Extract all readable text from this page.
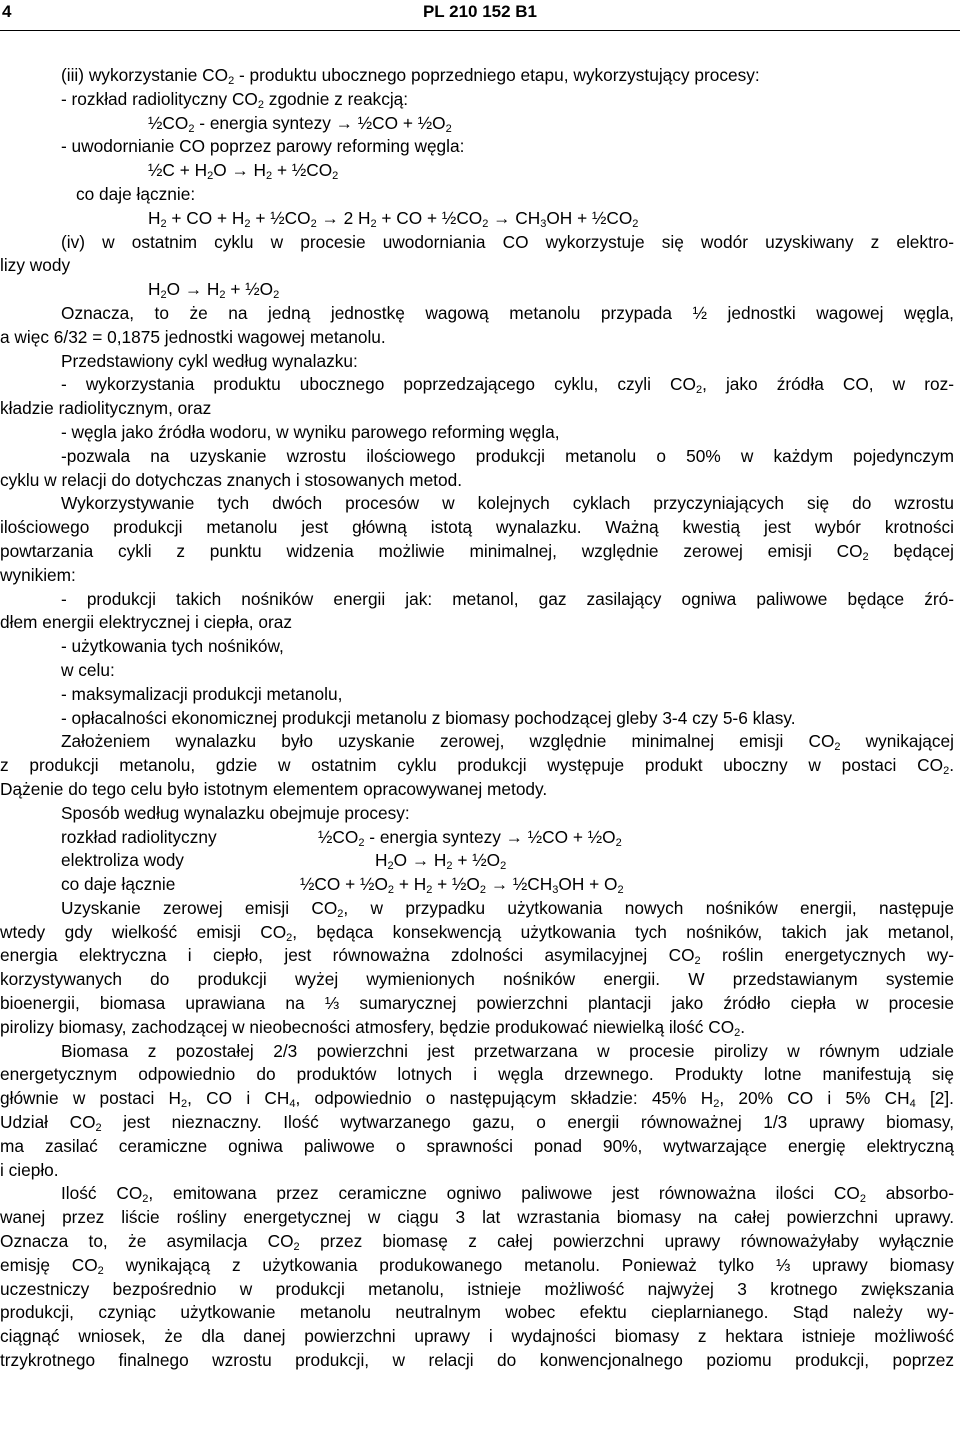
4	PL 210 152 B1
(iii) wykorzystanie $CO_2$ - produktu ubocznego poprzedniego etapu, wykorzystujący procesy:
- rozkład radiolityczny $CO_2$ zgodnie z reakcją:
$\frac{1}{2}CO_2$ - energia syntezy → ½CO + $\frac{1}{2}O_2$
- uwodornianie CO poprzez parowy reforming węgla:
½C + $H_2O \to H_2$ + $\frac{1}{2}CO_2$
co daje łącznie:
$H_2$ + CO + $H_2$ + $\frac{1}{2}CO_2 \to 2$ $H_2$ + CO + $\frac{1}{2}CO_2 \to CH_3OH$ + $\frac{1}{2}CO_2$
(iv) w ostatnim cyklu w procesie uwodorniania CO wykorzystuje się wodór uzyskiwany z elektro-
lizy wody
$H_2O \to H_2$ + $\frac{1}{2}O_2$
Oznacza, to że na jedną jednostkę wagową metanolu przypada ½ jednostki wagowej węgla,
a więc 6/32 = 0,1875 jednostki wagowej metanolu.
Przedstawiony cykl według wynalazku:
- wykorzystania produktu ubocznego poprzedzającego cyklu, czyli $CO_2$, jako źródła CO, w roz-
kładzie radiolitycznym, oraz
- węgla jako źródła wodoru, w wyniku parowego reforming węgla,
-pozwala na uzyskanie wzrostu ilościowego produkcji metanolu o 50% w każdym pojedynczym
cyklu w relacji do dotychczas znanych i stosowanych metod.
Wykorzystywanie tych dwóch procesów w kolejnych cyklach przyczyniających się do wzrostu
ilościowego produkcji metanolu jest główną istotą wynalazku. Ważną kwestią jest wybór krotności
powtarzania cykli z punktu widzenia możliwie minimalnej, względnie zerowej emisji $CO_2$ będącej
wynikiem:
- produkcji takich nośników energii jak: metanol, gaz zasilający ogniwa paliwowe będące źró-
dłem energii elektrycznej i ciepła, oraz
- użytkowania tych nośników,
w celu:
- maksymalizacji produkcji metanolu,
- opłacalności ekonomicznej produkcji metanolu z biomasy pochodzącej gleby 3-4 czy 5-6 klasy.
Założeniem wynalazku było uzyskanie zerowej, względnie minimalnej emisji $CO_2$ wynikającej
z produkcji metanolu, gdzie w ostatnim cyklu produkcji występuje produkt uboczny w postaci $CO_2$.
Dążenie do tego celu było istotnym elementem opracowywanej metody.
Sposób według wynalazku obejmuje procesy:
rozkład radiolityczny	$\frac{1}{2}CO_2$ - energia syntezy → ½CO + $\frac{1}{2}O_2$
elektroliza wody	$H_2O \to H_2$ + $\frac{1}{2}O_2$
co daje łącznie	½CO + $\frac{1}{2}O_2 + H_2$ + $\frac{1}{2}O_2$ → $\frac{1}{2}CH_3OH + O_2$
Uzyskanie zerowej emisji $CO_2$, w przypadku użytkowania nowych nośników energii, następuje
wtedy gdy wielkość emisji $CO_2$, będąca konsekwencją użytkowania tych nośników, takich jak metanol,
energia elektryczna i ciepło, jest równoważna zdolności asymilacyjnej $CO_2$ roślin energetycznych wy-
korzystywanych do produkcji wyżej wymienionych nośników energii. W przedstawianym systemie
bioenergii, biomasa uprawiana na ⅓ sumarycznej powierzchni plantacji jako źródło ciepła w procesie
pirolizy biomasy, zachodzącej w nieobecności atmosfery, będzie produkować niewielką ilość $CO_2$.
Biomasa z pozostałej 2/3 powierzchni jest przetwarzana w procesie pirolizy w równym udziale
energetycznym odpowiednio do produktów lotnych i węgla drzewnego. Produkty lotne manifestują się
głównie w postaci $H_2$, CO i $CH_4$, odpowiednio o następującym składzie: 45% $H_2$, 20% CO i 5% $CH_4$ [2].
Udział $CO_2$ jest nieznaczny. Ilość wytwarzanego gazu, o energii równoważnej 1/3 uprawy biomasy,
ma zasilać ceramiczne ogniwa paliwowe o sprawności ponad 90%, wytwarzające energię elektryczną
i ciepło.
Ilość $CO_2$, emitowana przez ceramiczne ogniwo paliwowe jest równoważna ilości $CO_2$ absorbo-
wanej przez liście rośliny energetycznej w ciągu 3 lat wzrastania biomasy na całej powierzchni uprawy.
Oznacza to, że asymilacja $CO_2$ przez biomasę z całej powierzchni uprawy równoważyłaby wyłącznie
emisję $CO_2$ wynikającą z użytkowania produkowanego metanolu. Ponieważ tylko ⅓ uprawy biomasy
uczestniczy bezpośrednio w produkcji metanolu, istnieje możliwość najwyżej 3 krotnego zwiększania
produkcji, czyniąc użytkowanie metanolu neutralnym wobec efektu cieplarnianego. Stąd należy wy-
ciągnąć wniosek, że dla danej powierzchni uprawy i wydajności biomasy z hektara istnieje możliwość
trzykrotnego finalnego wzrostu produkcji, w relacji do konwencjonalnego poziomu produkcji, poprzez
